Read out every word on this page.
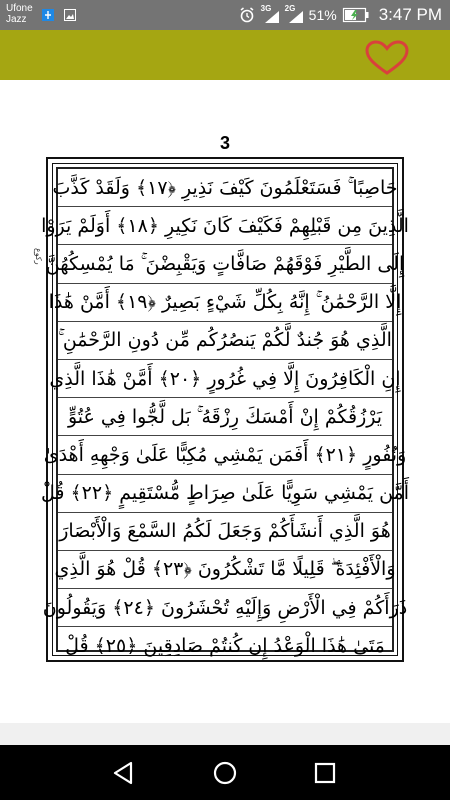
Ufone
Jazz
3G 2G 51% 3:47 PM
3
رکوع
حَاصِبًا ۚ فَسَتَعْلَمُونَ كَيْفَ نَذِيرِ ﴿١٧﴾ وَلَقَدْ كَذَّبَ
الَّذِينَ مِن قَبْلِهِمْ فَكَيْفَ كَانَ نَكِيرِ ﴿١٨﴾ أَوَلَمْ يَرَوْا
إِلَى الطَّيْرِ فَوْقَهُمْ صَافَّاتٍ وَيَقْبِضْنَ ۚ مَا يُمْسِكُهُنَّ
إِلَّا الرَّحْمَٰنُ ۚ إِنَّهُ بِكُلِّ شَيْءٍ بَصِيرٌ ﴿١٩﴾ أَمَّنْ هَٰذَا
الَّذِي هُوَ جُندٌ لَّكُمْ يَنصُرُكُم مِّن دُونِ الرَّحْمَٰنِ ۚ
إِنِ الْكَافِرُونَ إِلَّا فِي غُرُورٍ ﴿٢٠﴾ أَمَّنْ هَٰذَا الَّذِي
يَرْزُقُكُمْ إِنْ أَمْسَكَ رِزْقَهُ ۚ بَل لَّجُّوا فِي عُتُوٍّ
وَنُفُورٍ ﴿٢١﴾ أَفَمَن يَمْشِي مُكِبًّا عَلَىٰ وَجْهِهِ أَهْدَىٰ
أَمَّن يَمْشِي سَوِيًّا عَلَىٰ صِرَاطٍ مُّسْتَقِيمٍ ﴿٢٢﴾ قُلْ
هُوَ الَّذِي أَنشَأَكُمْ وَجَعَلَ لَكُمُ السَّمْعَ وَالْأَبْصَارَ
وَالْأَفْئِدَةَ ۖ قَلِيلًا مَّا تَشْكُرُونَ ﴿٢٣﴾ قُلْ هُوَ الَّذِي
ذَرَأَكُمْ فِي الْأَرْضِ وَإِلَيْهِ تُحْشَرُونَ ﴿٢٤﴾ وَيَقُولُونَ
مَتَىٰ هَٰذَا الْوَعْدُ إِن كُنتُمْ صَادِقِينَ ﴿٢٥﴾ قُلْ
